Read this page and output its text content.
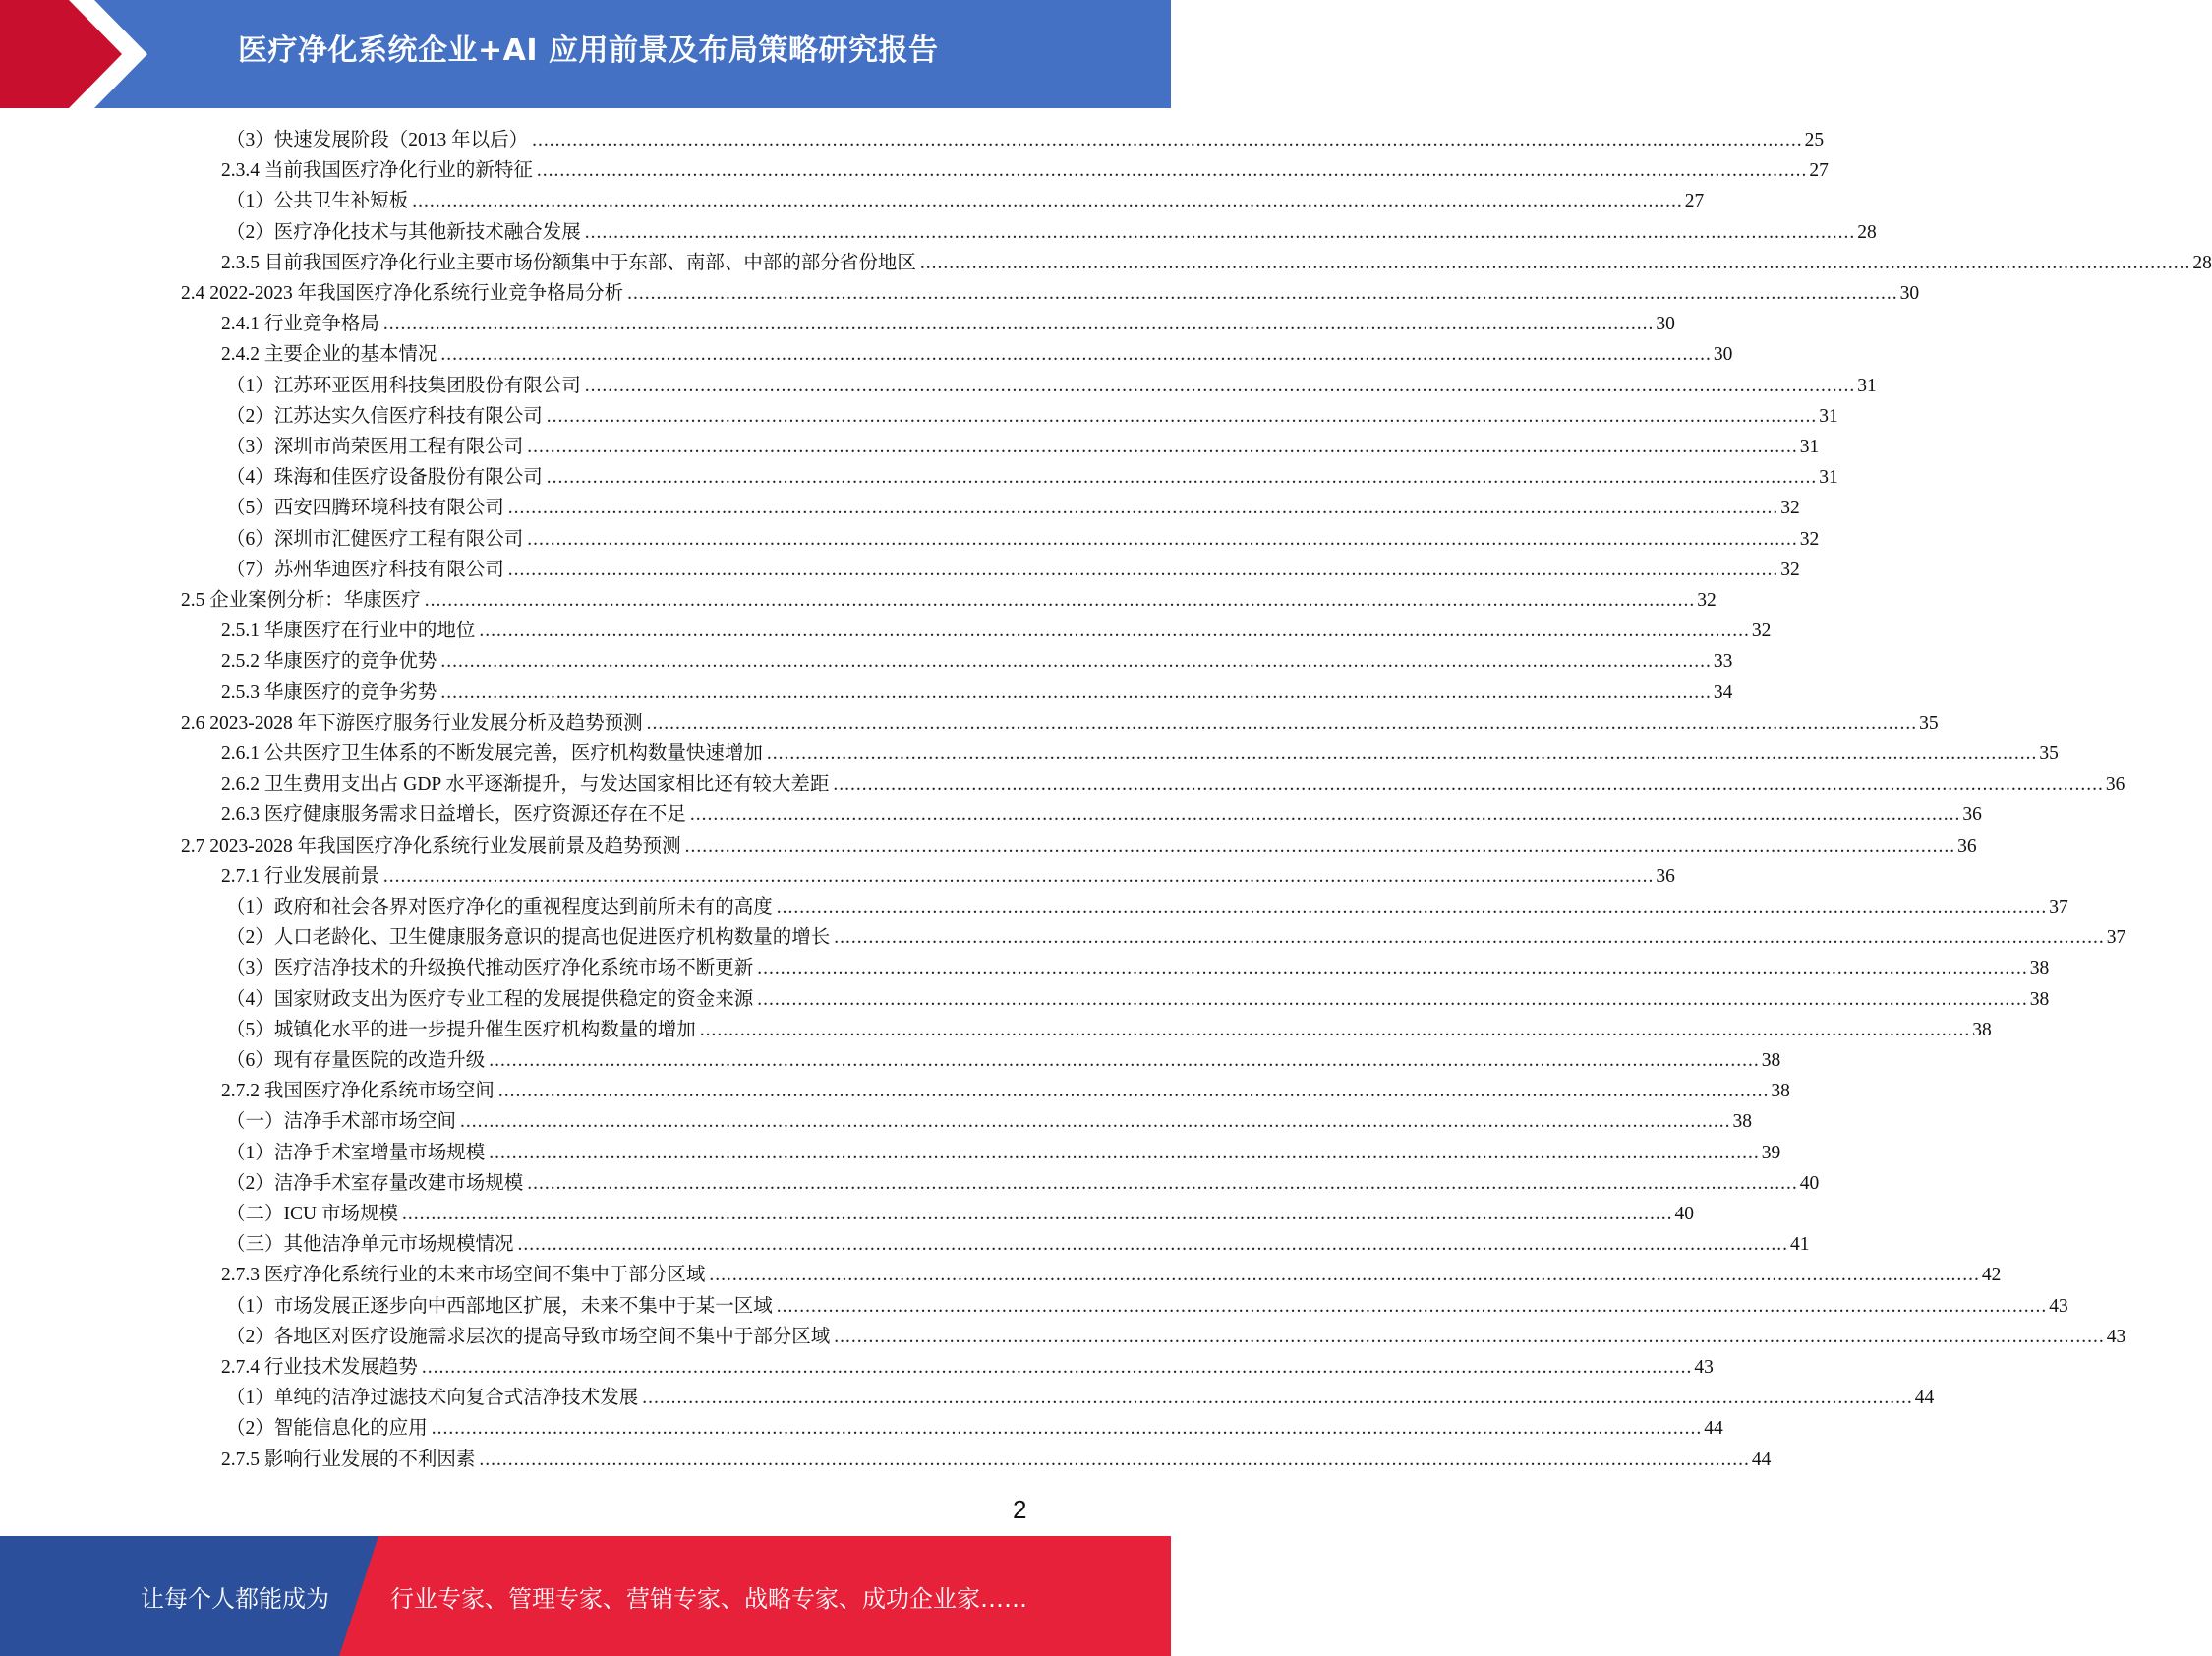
医疗净化系统企业+AI 应用前景及布局策略研究报告
（3）快速发展阶段（2013 年以后） ............................................................................................................................................................................................................................ 25
2.3.4 当前我国医疗净化行业的新特征 ............................................................................................................................................................................................................................ 27
（1）公共卫生补短板 ............................................................................................................................................................................................................................ 27
（2）医疗净化技术与其他新技术融合发展 ............................................................................................................................................................................................................................ 28
2.3.5 目前我国医疗净化行业主要市场份额集中于东部、南部、中部的部分省份地区 ............................................................................................................................................................................................................................ 28
2.4 2022-2023 年我国医疗净化系统行业竞争格局分析 ............................................................................................................................................................................................................................ 30
2.4.1 行业竞争格局 ............................................................................................................................................................................................................................ 30
2.4.2 主要企业的基本情况 ............................................................................................................................................................................................................................ 30
（1）江苏环亚医用科技集团股份有限公司 ............................................................................................................................................................................................................................ 31
（2）江苏达实久信医疗科技有限公司 ............................................................................................................................................................................................................................ 31
（3）深圳市尚荣医用工程有限公司 ............................................................................................................................................................................................................................ 31
（4）珠海和佳医疗设备股份有限公司 ............................................................................................................................................................................................................................ 31
（5）西安四腾环境科技有限公司 ............................................................................................................................................................................................................................ 32
（6）深圳市汇健医疗工程有限公司 ............................................................................................................................................................................................................................ 32
（7）苏州华迪医疗科技有限公司 ............................................................................................................................................................................................................................ 32
2.5 企业案例分析：华康医疗 ............................................................................................................................................................................................................................ 32
2.5.1 华康医疗在行业中的地位 ............................................................................................................................................................................................................................ 32
2.5.2 华康医疗的竞争优势 ............................................................................................................................................................................................................................ 33
2.5.3 华康医疗的竞争劣势 ............................................................................................................................................................................................................................ 34
2.6 2023-2028 年下游医疗服务行业发展分析及趋势预测 ............................................................................................................................................................................................................................ 35
2.6.1 公共医疗卫生体系的不断发展完善，医疗机构数量快速增加 ............................................................................................................................................................................................................................ 35
2.6.2 卫生费用支出占 GDP 水平逐渐提升，与发达国家相比还有较大差距 ............................................................................................................................................................................................................................ 36
2.6.3 医疗健康服务需求日益增长，医疗资源还存在不足 ............................................................................................................................................................................................................................ 36
2.7 2023-2028 年我国医疗净化系统行业发展前景及趋势预测 ............................................................................................................................................................................................................................ 36
2.7.1 行业发展前景 ............................................................................................................................................................................................................................ 36
（1）政府和社会各界对医疗净化的重视程度达到前所未有的高度 ............................................................................................................................................................................................................................ 37
（2）人口老龄化、卫生健康服务意识的提高也促进医疗机构数量的增长 ............................................................................................................................................................................................................................ 37
（3）医疗洁净技术的升级换代推动医疗净化系统市场不断更新 ............................................................................................................................................................................................................................ 38
（4）国家财政支出为医疗专业工程的发展提供稳定的资金来源 ............................................................................................................................................................................................................................ 38
（5）城镇化水平的进一步提升催生医疗机构数量的增加 ............................................................................................................................................................................................................................ 38
（6）现有存量医院的改造升级 ............................................................................................................................................................................................................................ 38
2.7.2 我国医疗净化系统市场空间 ............................................................................................................................................................................................................................ 38
（一）洁净手术部市场空间 ............................................................................................................................................................................................................................ 38
（1）洁净手术室增量市场规模 ............................................................................................................................................................................................................................ 39
（2）洁净手术室存量改建市场规模 ............................................................................................................................................................................................................................ 40
（二）ICU 市场规模 ............................................................................................................................................................................................................................ 40
（三）其他洁净单元市场规模情况 ............................................................................................................................................................................................................................ 41
2.7.3 医疗净化系统行业的未来市场空间不集中于部分区域 ............................................................................................................................................................................................................................ 42
（1）市场发展正逐步向中西部地区扩展，未来不集中于某一区域 ............................................................................................................................................................................................................................ 43
（2）各地区对医疗设施需求层次的提高导致市场空间不集中于部分区域 ............................................................................................................................................................................................................................ 43
2.7.4 行业技术发展趋势 ............................................................................................................................................................................................................................ 43
（1）单纯的洁净过滤技术向复合式洁净技术发展 ............................................................................................................................................................................................................................ 44
（2）智能信息化的应用 ............................................................................................................................................................................................................................ 44
2.7.5 影响行业发展的不利因素 ............................................................................................................................................................................................................................ 44
2
让每个人都能成为	行业专家、管理专家、营销专家、战略专家、成功企业家……
